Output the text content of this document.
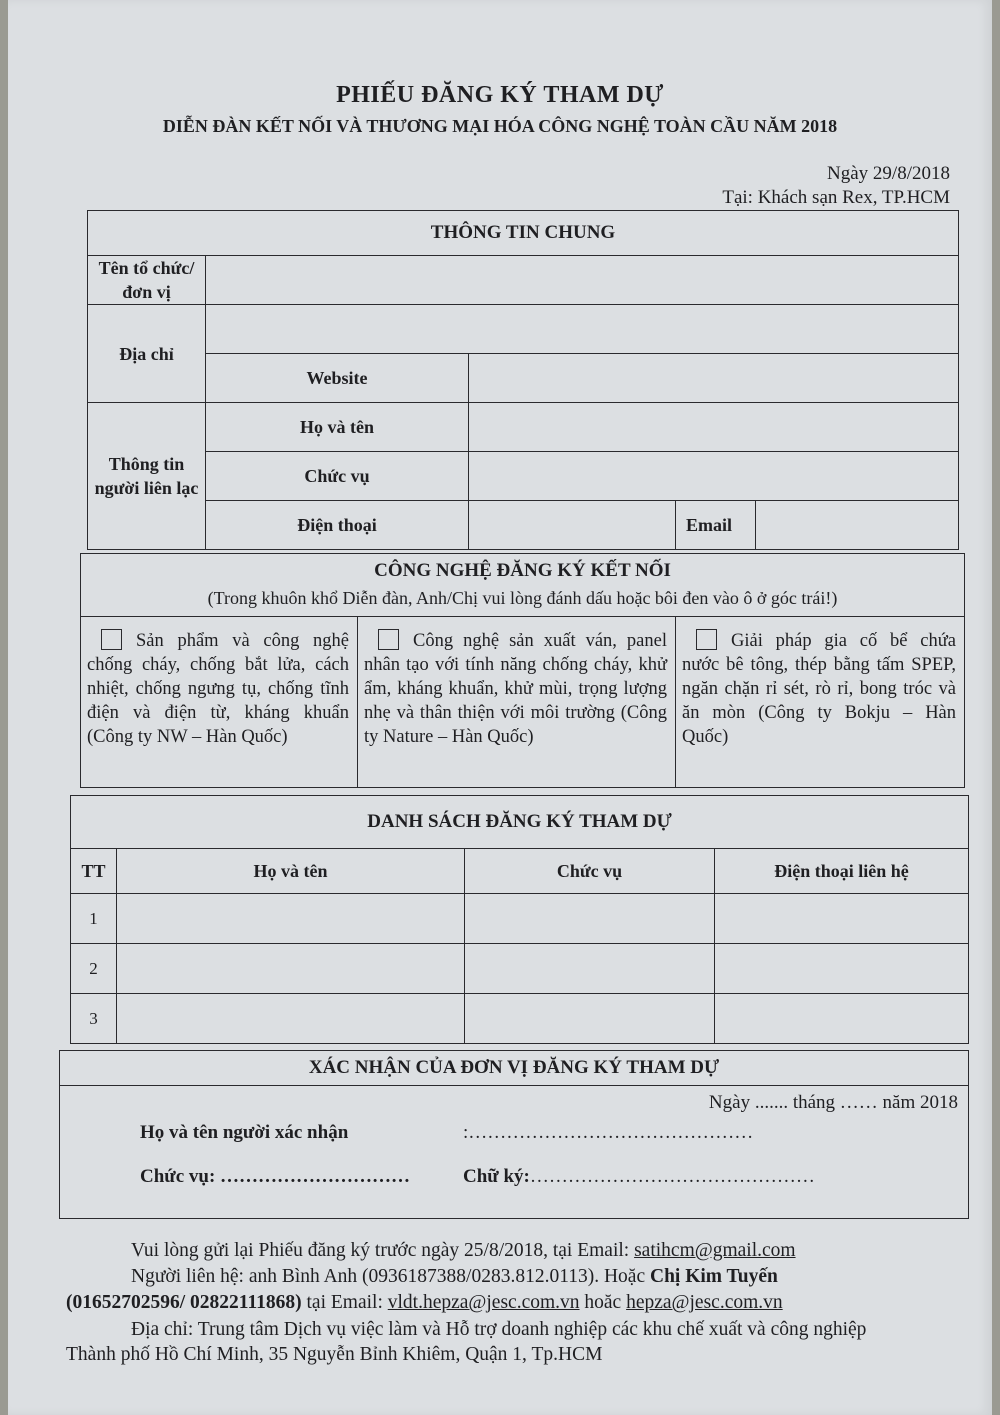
PHIẾU ĐĂNG KÝ THAM DỰ
DIỄN ĐÀN KẾT NỐI VÀ THƯƠNG MẠI HÓA CÔNG NGHỆ TOÀN CẦU NĂM 2018
Ngày 29/8/2018
Tại: Khách sạn Rex, TP.HCM
THÔNG TIN CHUNG				
Tên tổ chức/đơn vị				
Địa chỉ				
	Website			
Thông tin người liên lạc	Họ và tên			
	Chức vụ			
	Điện thoại		Email	
CÔNG NGHỆ ĐĂNG KÝ KẾT NỐI
(Trong khuôn khổ Diễn đàn, Anh/Chị vui lòng đánh dấu hoặc bôi đen vào ô ở góc trái!)
Sản phẩm và công nghệ chống cháy, chống bắt lửa, cách nhiệt, chống ngưng tụ, chống tĩnh điện và điện từ, kháng khuẩn (Công ty NW – Hàn Quốc)	Công nghệ sản xuất ván, panel nhân tạo với tính năng chống cháy, khử ẩm, kháng khuẩn, khử mùi, trọng lượng nhẹ và thân thiện với môi trường (Công ty Nature – Hàn Quốc)	Giải pháp gia cố bể chứa nước bê tông, thép bằng tấm SPEP, ngăn chặn rỉ sét, rò rỉ, bong tróc và ăn mòn (Công ty Bokju – Hàn Quốc)
DANH SÁCH ĐĂNG KÝ THAM DỰ			
TT	Họ và tên	Chức vụ	Điện thoại liên hệ
1			
2			
3			
XÁC NHẬN CỦA ĐƠN VỊ ĐĂNG KÝ THAM DỰ

Ngày ....... tháng …… năm 2018
Họ và tên người xác nhận	:………………………………………
Chức vụ: …………………………	Chữ ký:………………………………………
Vui lòng gửi lại Phiếu đăng ký trước ngày 25/8/2018, tại Email: satihcm@gmail.com
Người liên hệ: anh Bình Anh (0936187388/0283.812.0113). Hoặc Chị Kim Tuyến
(01652702596/ 02822111868) tại Email: vldt.hepza@jesc.com.vn hoăc hepza@jesc.com.vn
Địa chỉ: Trung tâm Dịch vụ việc làm và Hỗ trợ doanh nghiệp các khu chế xuất và công nghiệp
Thành phố Hồ Chí Minh, 35 Nguyễn Bỉnh Khiêm, Quận 1, Tp.HCM
